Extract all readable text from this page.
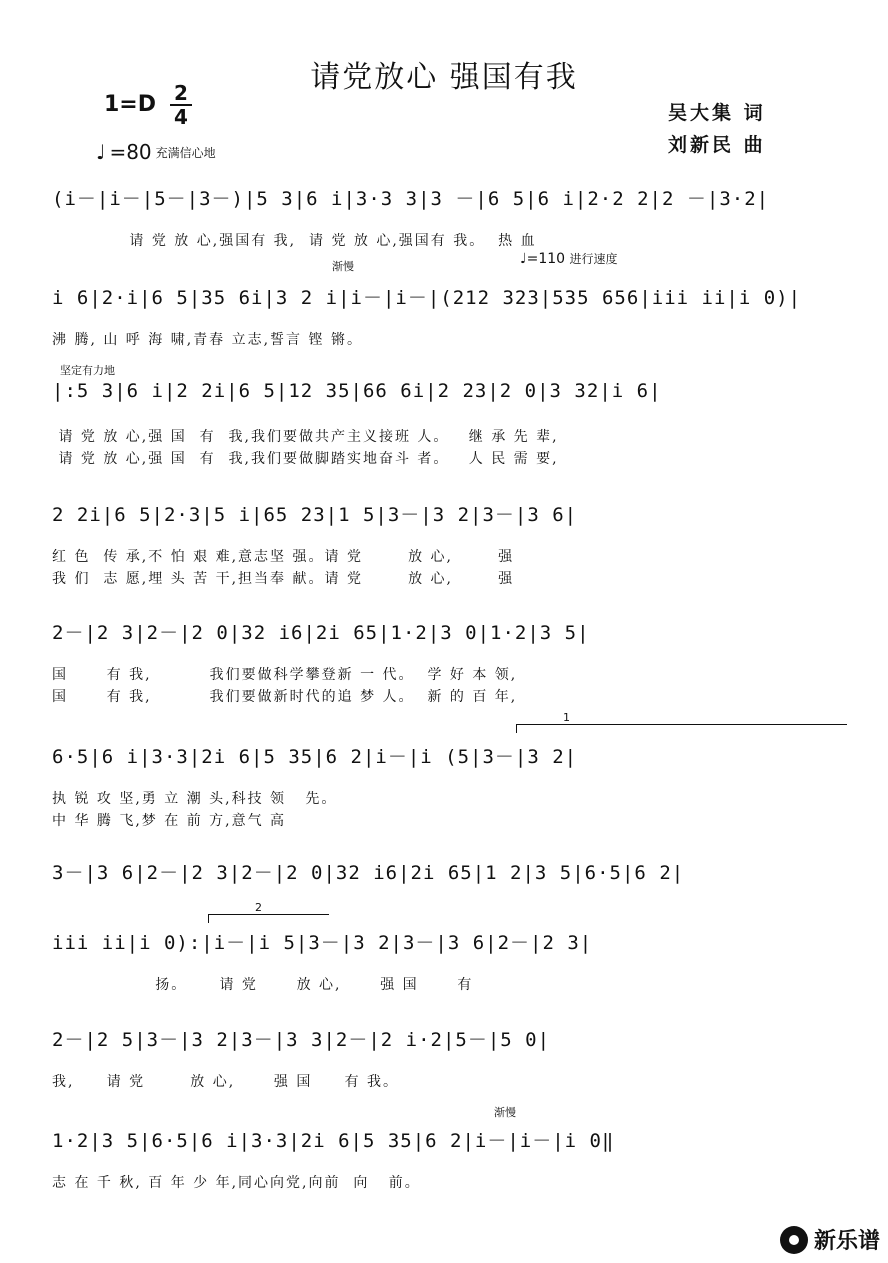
请党放心 强国有我
1=D 2
4	吴大集 词
刘新民 曲
♩ =80 充满信心地
渐慢	♩=110 进行速度
坚定有力地
渐慢
1
2
(i－|i－|5－|3－)|5 3|6 i|3·3 3|3 －|6 5|6 i|2·2 2|2 －|3·2|
请 党 放 心,强国有 我,  请 党 放 心,强国有 我。  热 血
i 6|2·i|6 5|35 6i|3 2 i|i－|i－|(212 323|535 656|iii ii|i 0)|
沸 腾, 山 呼 海 啸,青春 立志,誓言 铿 锵。
|:5 3|6 i|2 2i|6 5|12 35|66 6i|2 23|2 0|3 32|i 6|
请 党 放 心,强 国  有  我,我们要做共产主义接班 人。   继 承 先 辈,
请 党 放 心,强 国  有  我,我们要做脚踏实地奋斗 者。   人 民 需 要,
2 2i|6 5|2·3|5 i|65 23|1 5|3－|3 2|3－|3 6|
红 色  传 承,不 怕 艰 难,意志坚 强。请 党       放 心,       强
我 们  志 愿,埋 头 苦 干,担当奉 献。请 党       放 心,       强
2－|2 3|2－|2 0|32 i6|2i 65|1·2|3 0|1·2|3 5|
国      有 我,         我们要做科学攀登新 一 代。  学 好 本 领,
国      有 我,         我们要做新时代的追 梦 人。  新 的 百 年,
6·5|6 i|3·3|2i 6|5 35|6 2|i－|i (5|3－|3 2|
执 锐 攻 坚,勇 立 潮 头,科技 领   先。
中 华 腾 飞,梦 在 前 方,意气 高
3－|3 6|2－|2 3|2－|2 0|32 i6|2i 65|1 2|3 5|6·5|6 2|
iii ii|i 0):|i－|i 5|3－|3 2|3－|3 6|2－|2 3|
扬。     请 党      放 心,      强 国      有
2－|2 5|3－|3 2|3－|3 3|2－|2 i·2|5－|5 0|
我,     请 党       放 心,      强 国     有 我。
1·2|3 5|6·5|6 i|3·3|2i 6|5 35|6 2|i－|i－|i 0‖
志 在 千 秋, 百 年 少 年,同心向党,向前  向   前。
新乐谱
